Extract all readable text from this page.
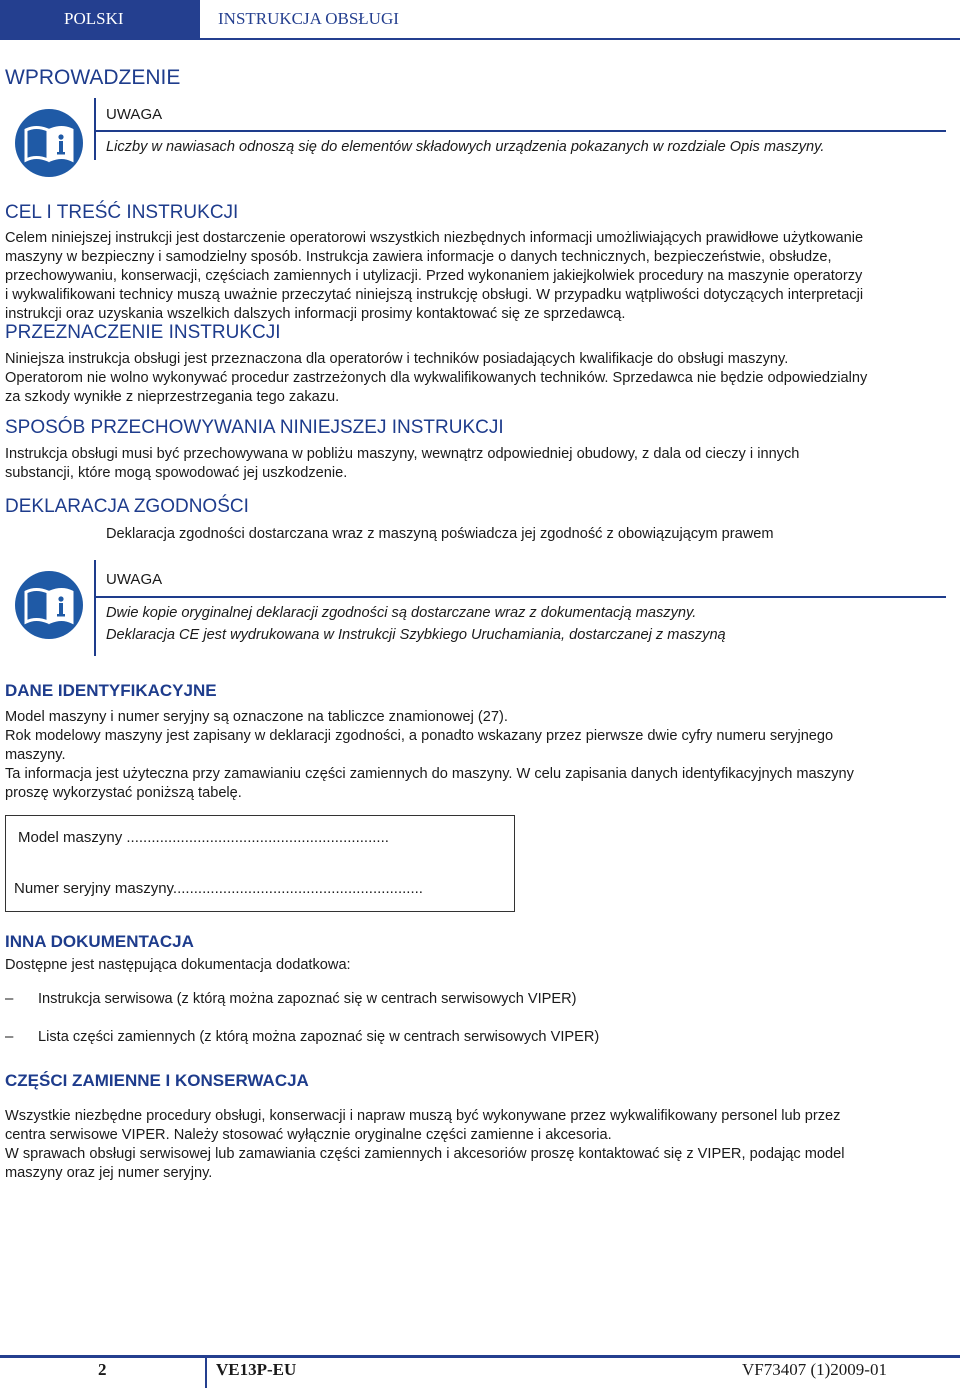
POLSKI	INSTRUKCJA OBSŁUGI
WPROWADZENIE
UWAGA
Liczby w nawiasach odnoszą się do elementów składowych urządzenia pokazanych w rozdziale Opis maszyny.
CEL I TREŚĆ INSTRUKCJI
Celem niniejszej instrukcji jest dostarczenie operatorowi wszystkich niezbędnych informacji umożliwiających prawidłowe użytkowanie
maszyny w bezpieczny i samodzielny sposób. Instrukcja zawiera informacje o danych technicznych, bezpieczeństwie, obsłudze,
przechowywaniu, konserwacji, częściach zamiennych i utylizacji. Przed wykonaniem jakiejkolwiek procedury na maszynie operatorzy
i wykwalifikowani technicy muszą uważnie przeczytać niniejszą instrukcję obsługi. W przypadku wątpliwości dotyczących interpretacji
instrukcji oraz uzyskania wszelkich dalszych informacji prosimy kontaktować się ze sprzedawcą.
PRZEZNACZENIE INSTRUKCJI
Niniejsza instrukcja obsługi jest przeznaczona dla operatorów i techników posiadających kwalifikacje do obsługi maszyny.
Operatorom nie wolno wykonywać procedur zastrzeżonych dla wykwalifikowanych techników. Sprzedawca nie będzie odpowiedzialny
za szkody wynikłe z nieprzestrzegania tego zakazu.
SPOSÓB PRZECHOWYWANIA NINIEJSZEJ INSTRUKCJI
Instrukcja obsługi musi być przechowywana w pobliżu maszyny, wewnątrz odpowiedniej obudowy, z dala od cieczy i innych
substancji, które mogą spowodować jej uszkodzenie.
DEKLARACJA ZGODNOŚCI
Deklaracja zgodności dostarczana wraz z maszyną poświadcza jej zgodność z obowiązującym prawem
UWAGA
Dwie kopie oryginalnej deklaracji zgodności są dostarczane wraz z dokumentacją maszyny.
Deklaracja CE jest wydrukowana w Instrukcji Szybkiego Uruchamiania, dostarczanej z maszyną
DANE IDENTYFIKACYJNE
Model maszyny i numer seryjny są oznaczone na tabliczce znamionowej (27).
Rok modelowy maszyny jest zapisany w deklaracji zgodności, a ponadto wskazany przez pierwsze dwie cyfry numeru seryjnego
maszyny.
Ta informacja jest użyteczna przy zamawianiu części zamiennych do maszyny. W celu zapisania danych identyfikacyjnych maszyny
proszę wykorzystać poniższą tabelę.
Model maszyny ...............................................................
Numer seryjny maszyny............................................................
INNA DOKUMENTACJA
Dostępne jest następująca dokumentacja dodatkowa:
– Instrukcja serwisowa (z którą można zapoznać się w centrach serwisowych VIPER)
– Lista części zamiennych (z którą można zapoznać się w centrach serwisowych VIPER)
CZĘŚCI ZAMIENNE I KONSERWACJA
Wszystkie niezbędne procedury obsługi, konserwacji i napraw muszą być wykonywane przez wykwalifikowany personel lub przez
centra serwisowe VIPER. Należy stosować wyłącznie oryginalne części zamienne i akcesoria.
W sprawach obsługi serwisowej lub zamawiania części zamiennych i akcesoriów proszę kontaktować się z VIPER, podając model
maszyny oraz jej numer seryjny.
2	VE13P-EU	VF73407 (1)2009-01
